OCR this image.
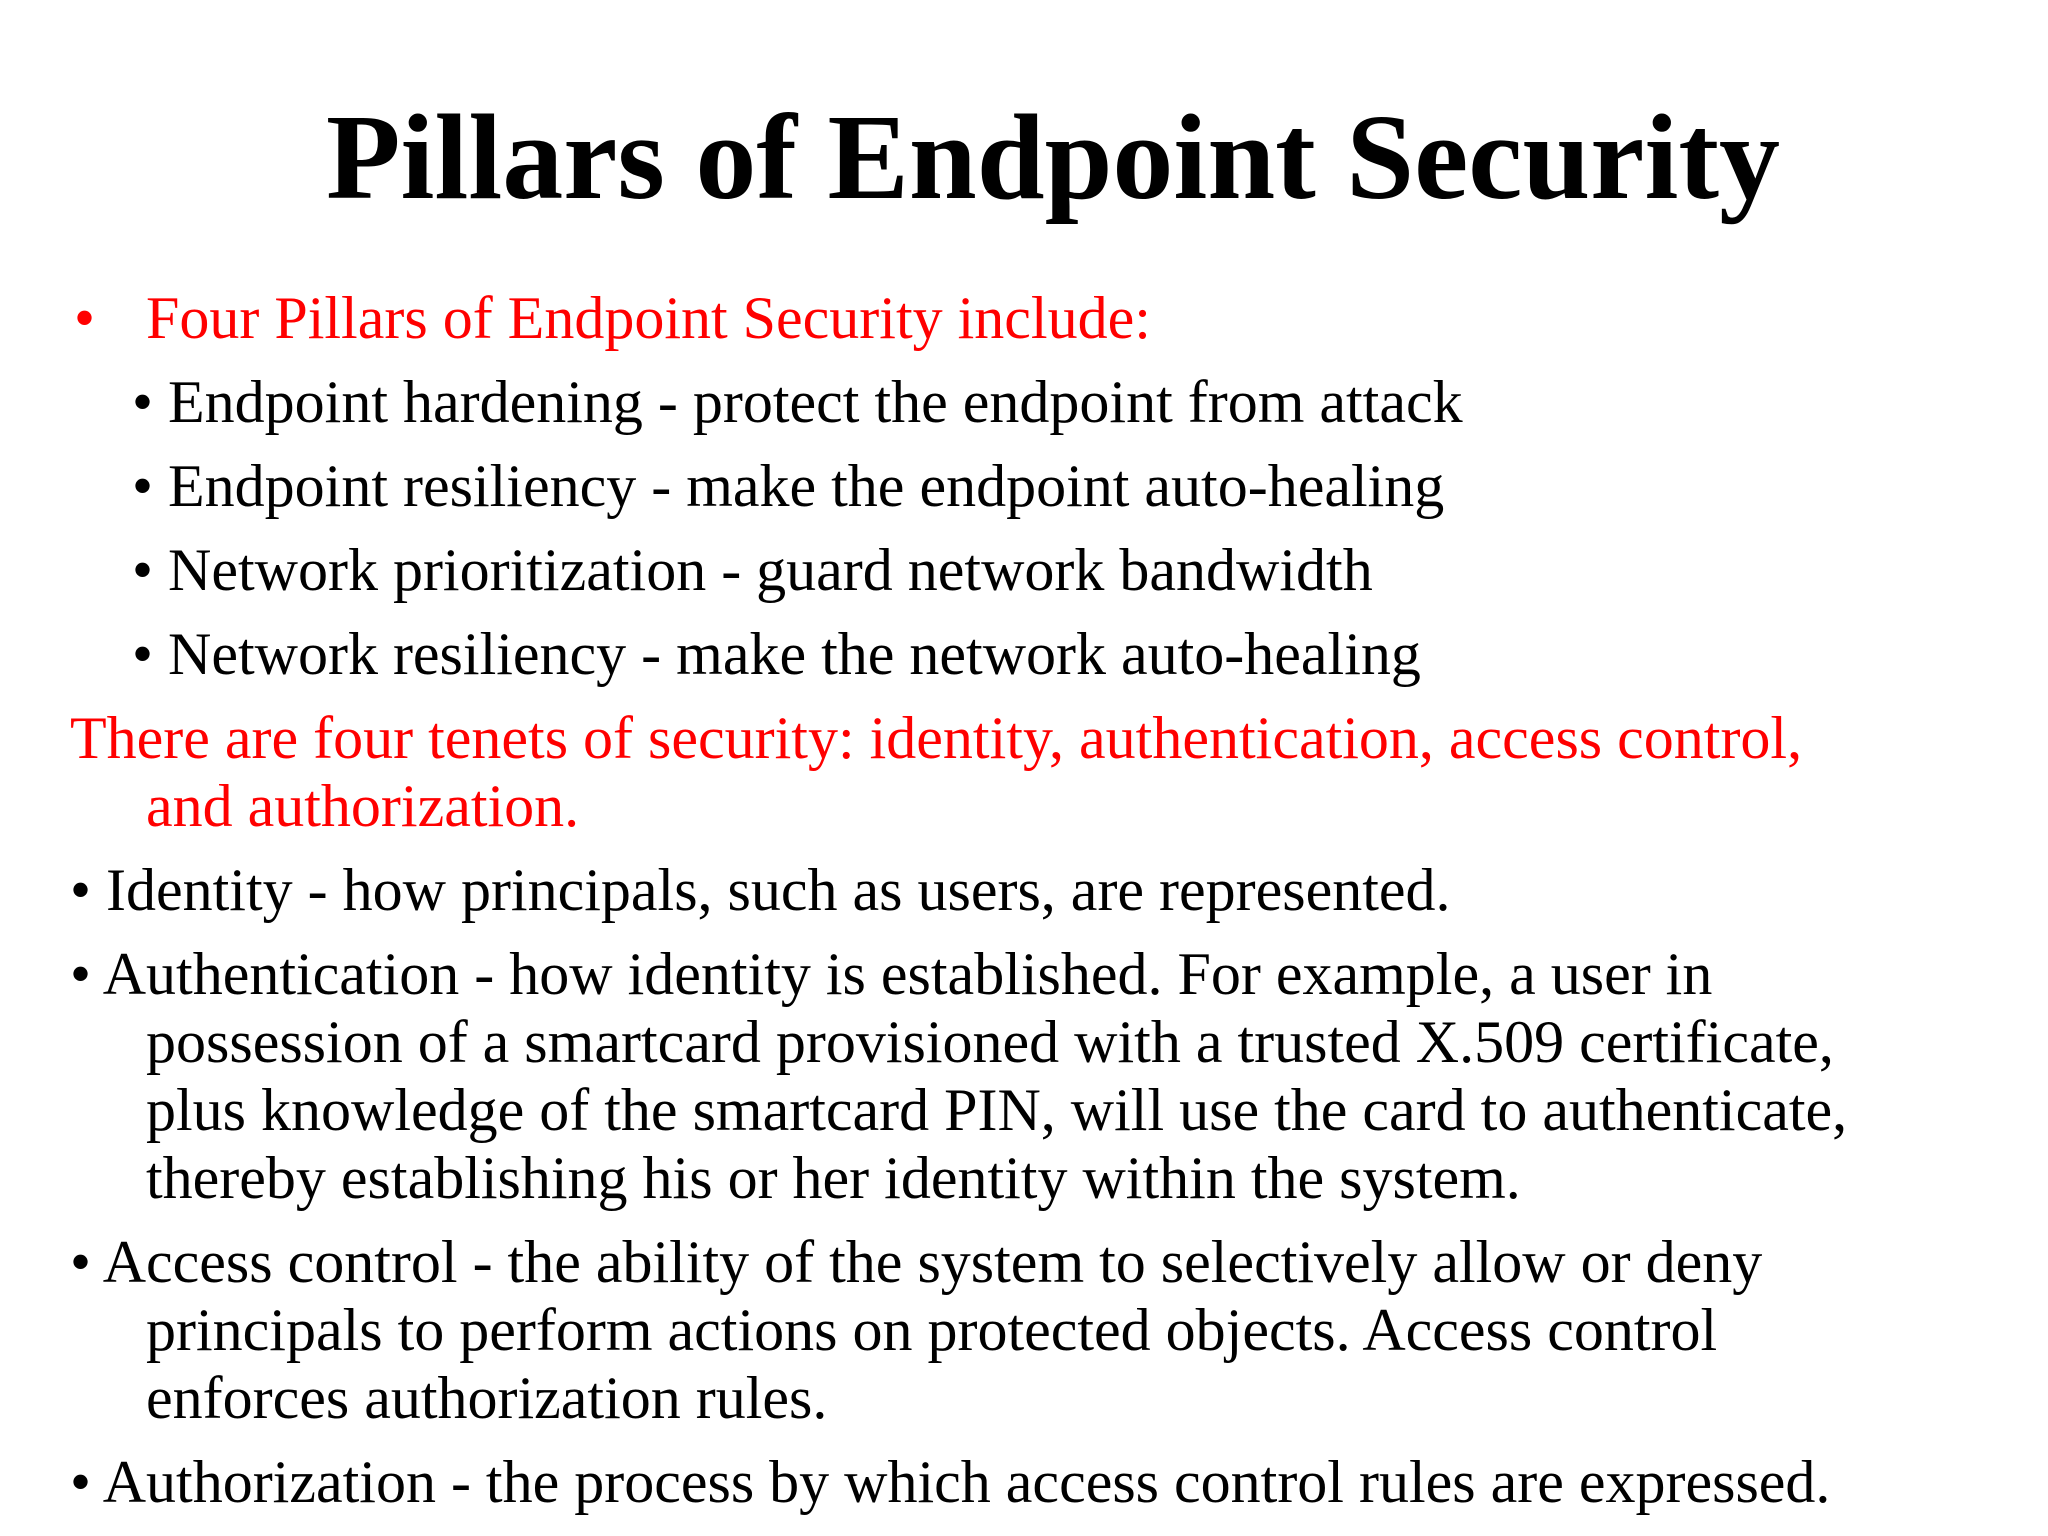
Pillars of Endpoint Security
• Four Pillars of Endpoint Security include:
• Endpoint hardening - protect the endpoint from attack
• Endpoint resiliency - make the endpoint auto-healing
• Network prioritization - guard network bandwidth
• Network resiliency - make the network auto-healing
There are four tenets of security: identity, authentication, access control,
and authorization.
• Identity - how principals, such as users, are represented.
• Authentication - how identity is established. For example, a user in
possession of a smartcard provisioned with a trusted X.509 certificate,
plus knowledge of the smartcard PIN, will use the card to authenticate,
thereby establishing his or her identity within the system.
• Access control - the ability of the system to selectively allow or deny
principals to perform actions on protected objects. Access control
enforces authorization rules.
• Authorization - the process by which access control rules are expressed.
